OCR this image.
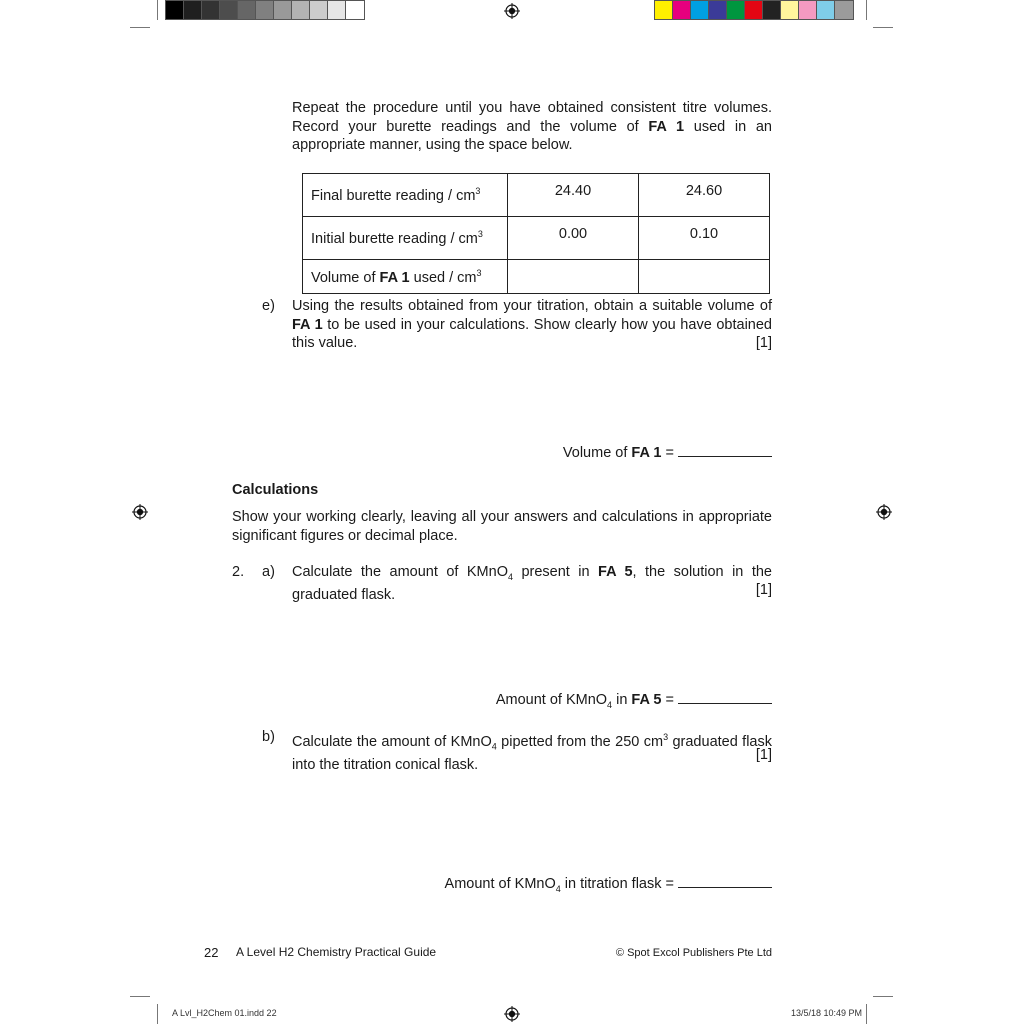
Repeat the procedure until you have obtained consistent titre volumes. Record your burette readings and the volume of FA 1 used in an appropriate manner, using the space below.
Final burette reading / $cm^3$	24.40	24.60
Initial burette reading / $cm^3$	0.00	0.10
Volume of FA 1 used / $cm^3$		
e) Using the results obtained from your titration, obtain a suitable volume of FA 1 to be used in your calculations. Show clearly how you have obtained this value.	[1]
Volume of FA 1 =
Calculations
Show your working clearly, leaving all your answers and calculations in appropriate significant figures or decimal place.
2. a) Calculate the amount of KMnO$_4$ present in FA 5, the solution in the graduated flask.	[1]
Amount of KMnO$_4$ in FA 5 =
b) Calculate the amount of KMnO$_4$ pipetted from the 250 $cm^3$ graduated flask into the titration conical flask.
[1]
Amount of KMnO$_4$ in titration flask =
22 A Level H2 Chemistry Practical Guide	© Spot Excol Publishers Pte Ltd
A Lvl_H2Chem 01.indd 22	13/5/18 10:49 PM
